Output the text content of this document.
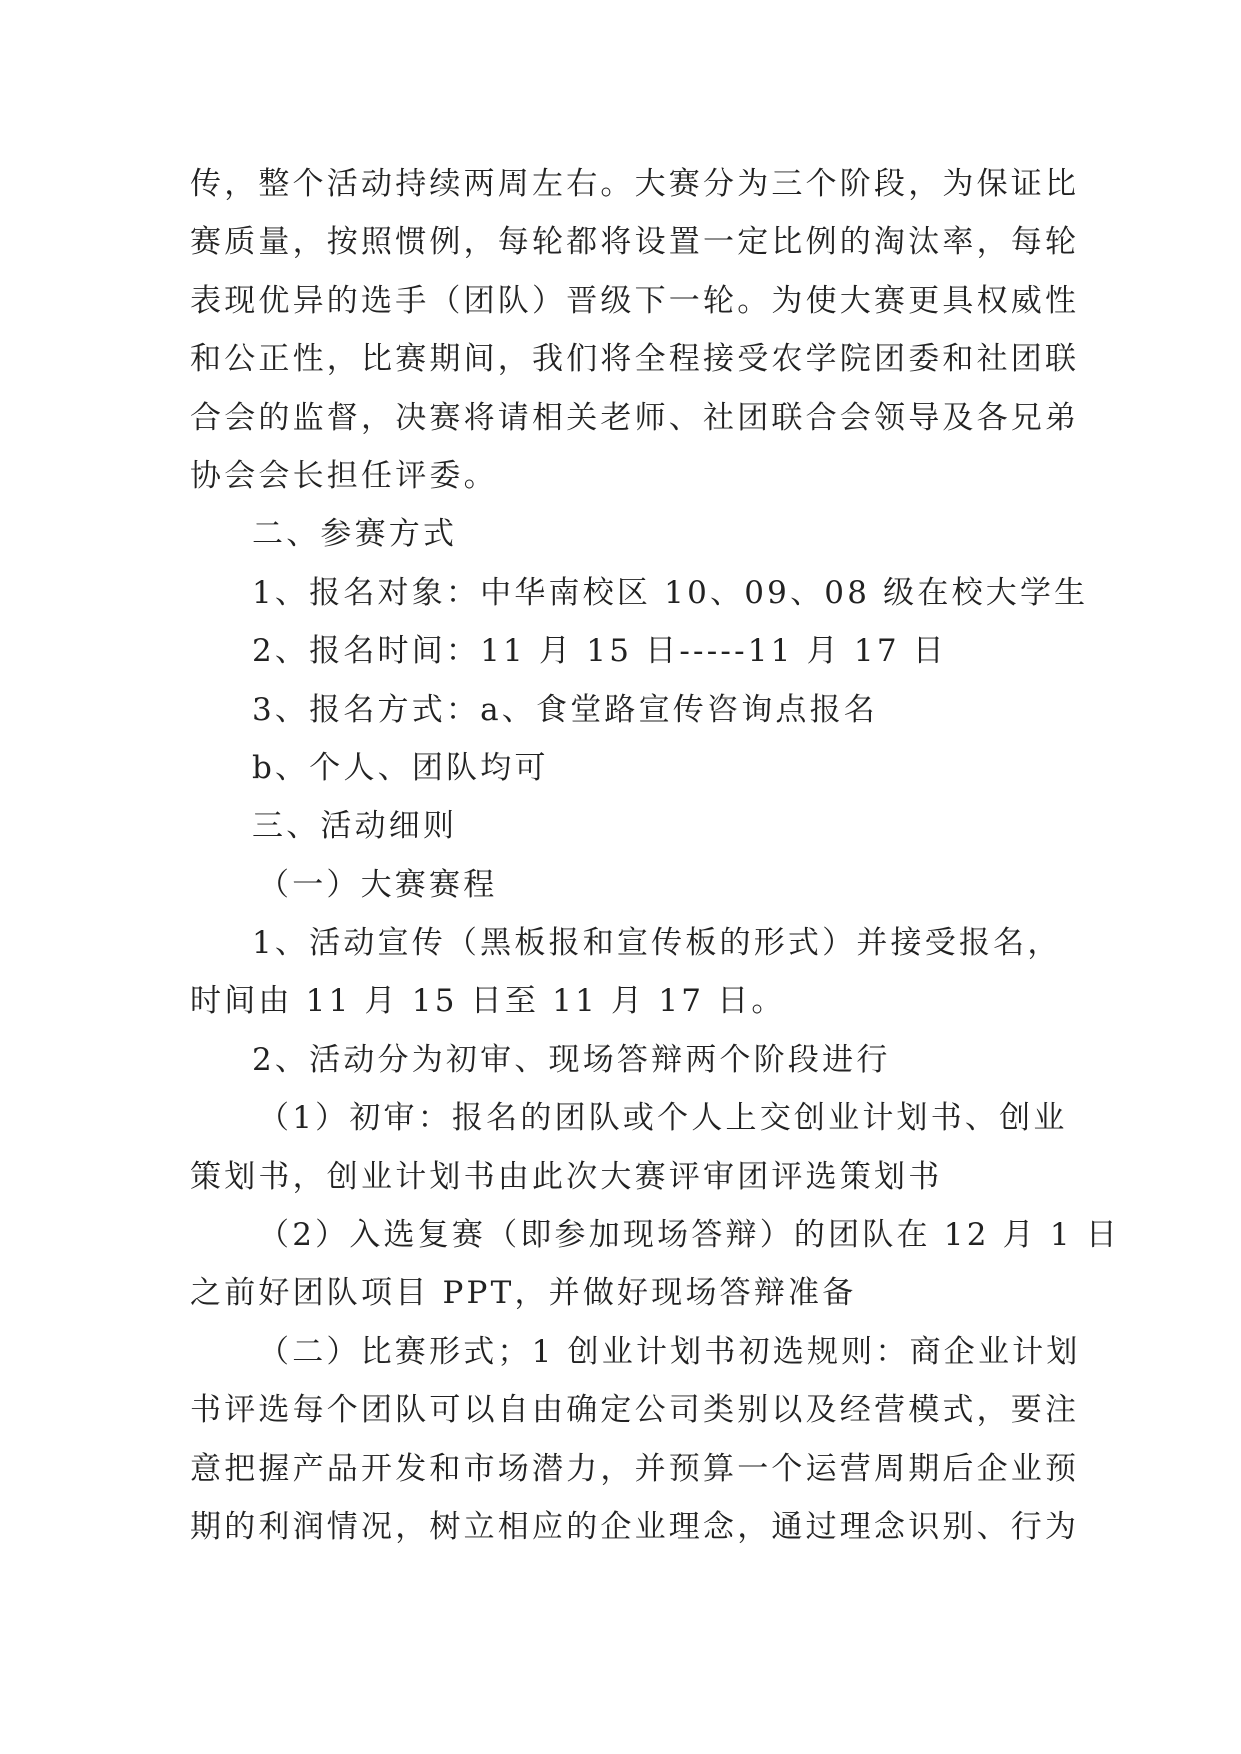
传，整个活动持续两周左右。大赛分为三个阶段，为保证比
赛质量，按照惯例，每轮都将设置一定比例的淘汰率，每轮
表现优异的选手（团队）晋级下一轮。为使大赛更具权威性
和公正性，比赛期间，我们将全程接受农学院团委和社团联
合会的监督，决赛将请相关老师、社团联合会领导及各兄弟
协会会长担任评委。
二、参赛方式
1、报名对象：中华南校区 10、09、08 级在校大学生
2、报名时间：11 月 15 日-----11 月 17 日
3、报名方式：a、食堂路宣传咨询点报名
b、个人、团队均可
三、活动细则
（一）大赛赛程
1、活动宣传（黑板报和宣传板的形式）并接受报名，
时间由 11 月 15 日至 11 月 17 日。
2、活动分为初审、现场答辩两个阶段进行
（1）初审：报名的团队或个人上交创业计划书、创业
策划书，创业计划书由此次大赛评审团评选策划书
（2）入选复赛（即参加现场答辩）的团队在 12 月 1 日
之前好团队项目 PPT，并做好现场答辩准备
（二）比赛形式；1 创业计划书初选规则：商企业计划
书评选每个团队可以自由确定公司类别以及经营模式，要注
意把握产品开发和市场潜力，并预算一个运营周期后企业预
期的利润情况，树立相应的企业理念，通过理念识别、行为
